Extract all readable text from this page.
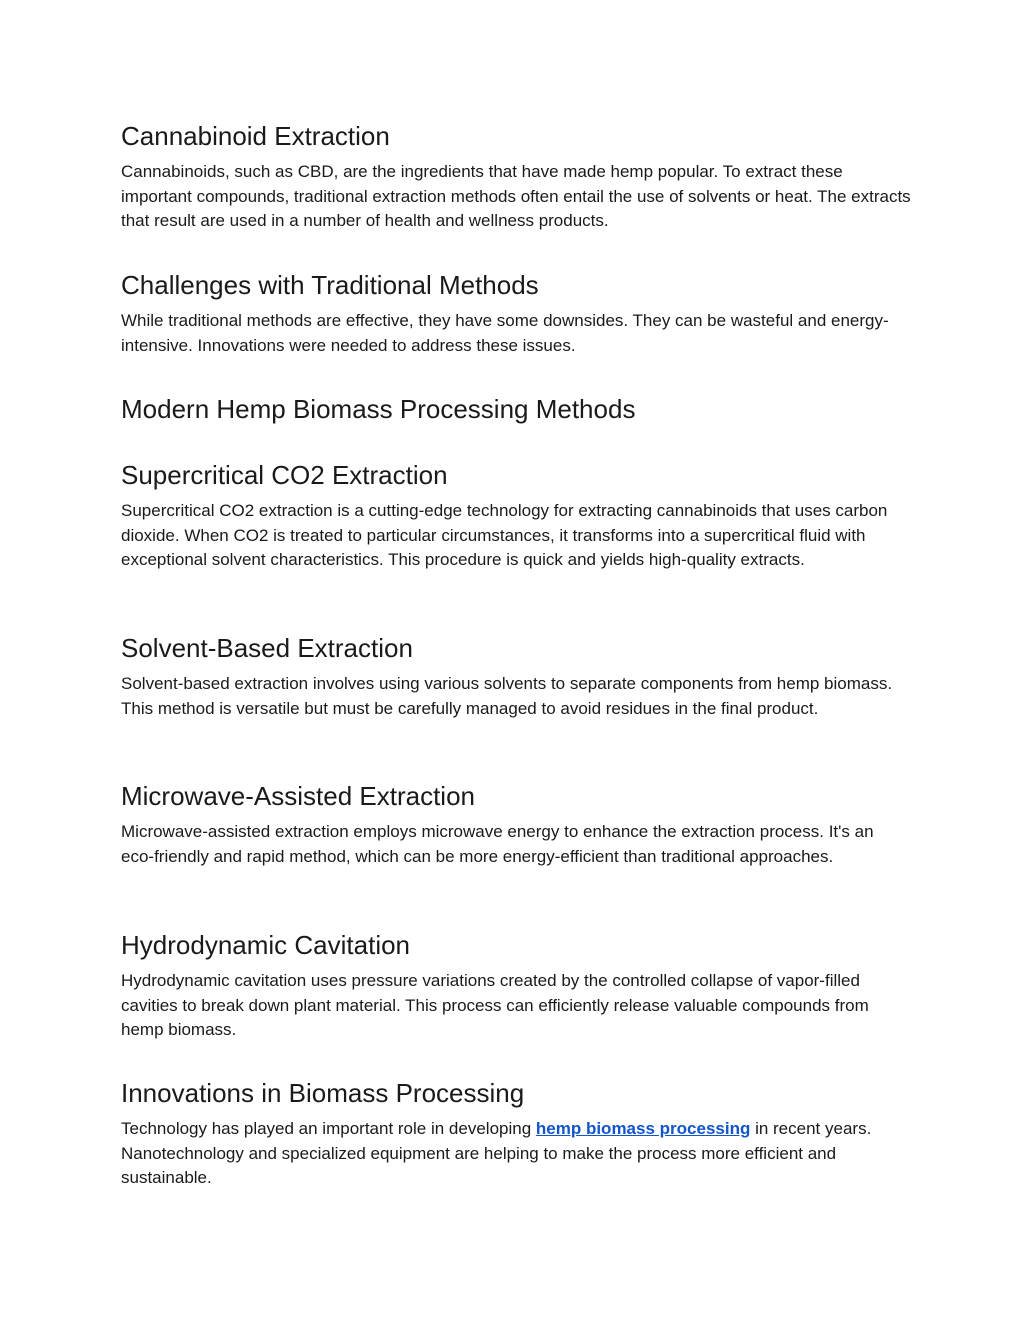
Cannabinoid Extraction

Cannabinoids, such as CBD, are the ingredients that have made hemp popular. To extract these important compounds, traditional extraction methods often entail the use of solvents or heat. The extracts that result are used in a number of health and wellness products.

Challenges with Traditional Methods

While traditional methods are effective, they have some downsides. They can be wasteful and energy-intensive. Innovations were needed to address these issues.

Modern Hemp Biomass Processing Methods
Supercritical CO2 Extraction

Supercritical CO2 extraction is a cutting-edge technology for extracting cannabinoids that uses carbon dioxide. When CO2 is treated to particular circumstances, it transforms into a supercritical fluid with exceptional solvent characteristics. This procedure is quick and yields high-quality extracts.

Solvent-Based Extraction

Solvent-based extraction involves using various solvents to separate components from hemp biomass. This method is versatile but must be carefully managed to avoid residues in the final product.

Microwave-Assisted Extraction

Microwave-assisted extraction employs microwave energy to enhance the extraction process. It's an eco-friendly and rapid method, which can be more energy-efficient than traditional approaches.

Hydrodynamic Cavitation

Hydrodynamic cavitation uses pressure variations created by the controlled collapse of vapor-filled cavities to break down plant material. This process can efficiently release valuable compounds from hemp biomass.

Innovations in Biomass Processing

Technology has played an important role in developing hemp biomass processing in recent years. Nanotechnology and specialized equipment are helping to make the process more efficient and sustainable.
